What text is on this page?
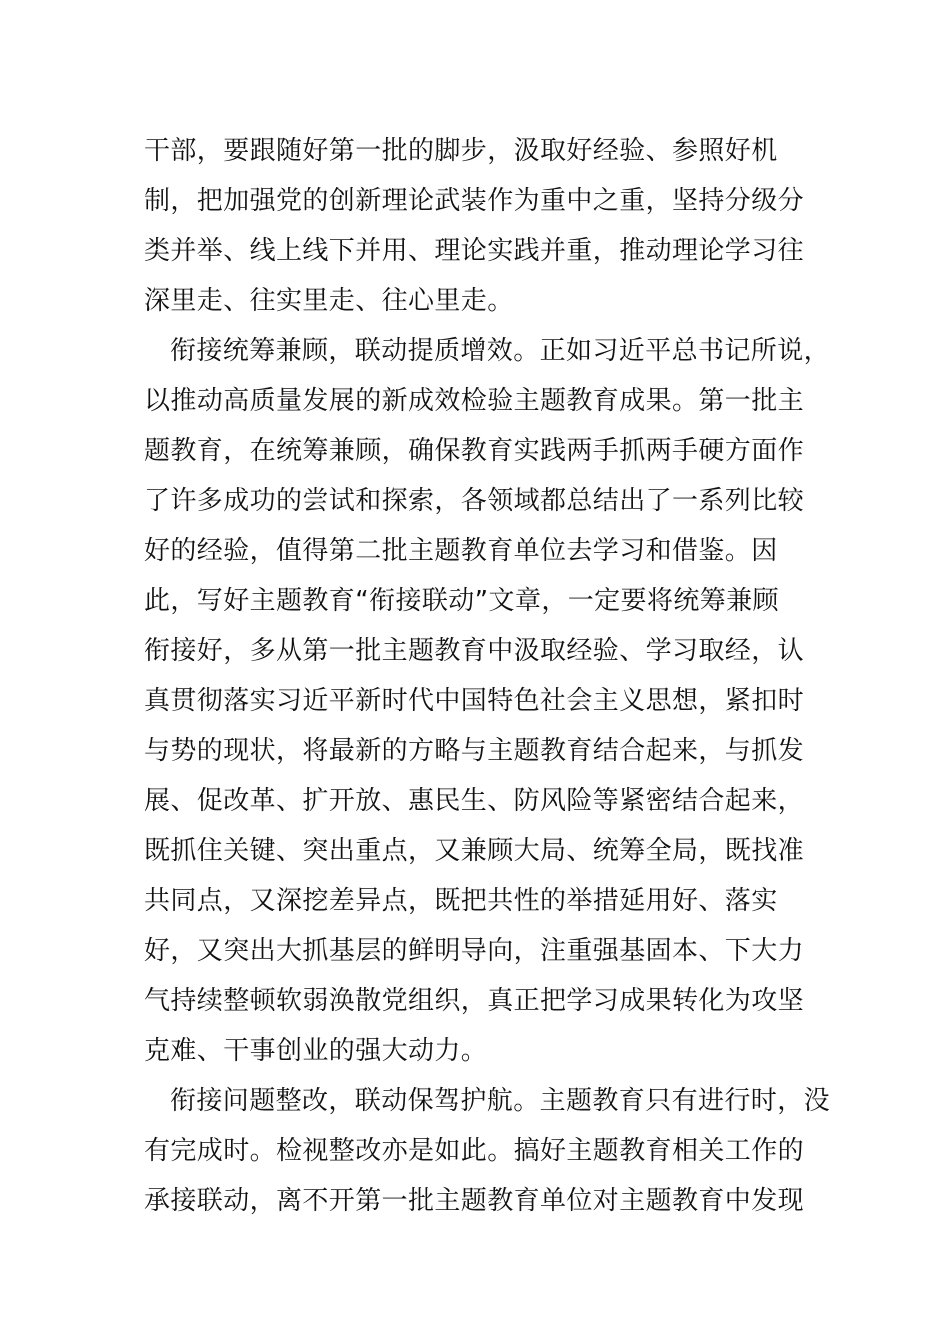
干部，要跟随好第一批的脚步，汲取好经验、参照好机
制，把加强党的创新理论武装作为重中之重，坚持分级分
类并举、线上线下并用、理论实践并重，推动理论学习往
深里走、往实里走、往心里走。
衔接统筹兼顾，联动提质增效。正如习近平总书记所说，
以推动高质量发展的新成效检验主题教育成果。第一批主
题教育，在统筹兼顾，确保教育实践两手抓两手硬方面作
了许多成功的尝试和探索，各领域都总结出了一系列比较
好的经验，值得第二批主题教育单位去学习和借鉴。因
此，写好主题教育“衔接联动”文章，一定要将统筹兼顾
衔接好，多从第一批主题教育中汲取经验、学习取经，认
真贯彻落实习近平新时代中国特色社会主义思想，紧扣时
与势的现状，将最新的方略与主题教育结合起来，与抓发
展、促改革、扩开放、惠民生、防风险等紧密结合起来，
既抓住关键、突出重点，又兼顾大局、统筹全局，既找准
共同点，又深挖差异点，既把共性的举措延用好、落实
好，又突出大抓基层的鲜明导向，注重强基固本、下大力
气持续整顿软弱涣散党组织，真正把学习成果转化为攻坚
克难、干事创业的强大动力。
衔接问题整改，联动保驾护航。主题教育只有进行时，没
有完成时。检视整改亦是如此。搞好主题教育相关工作的
承接联动，离不开第一批主题教育单位对主题教育中发现
